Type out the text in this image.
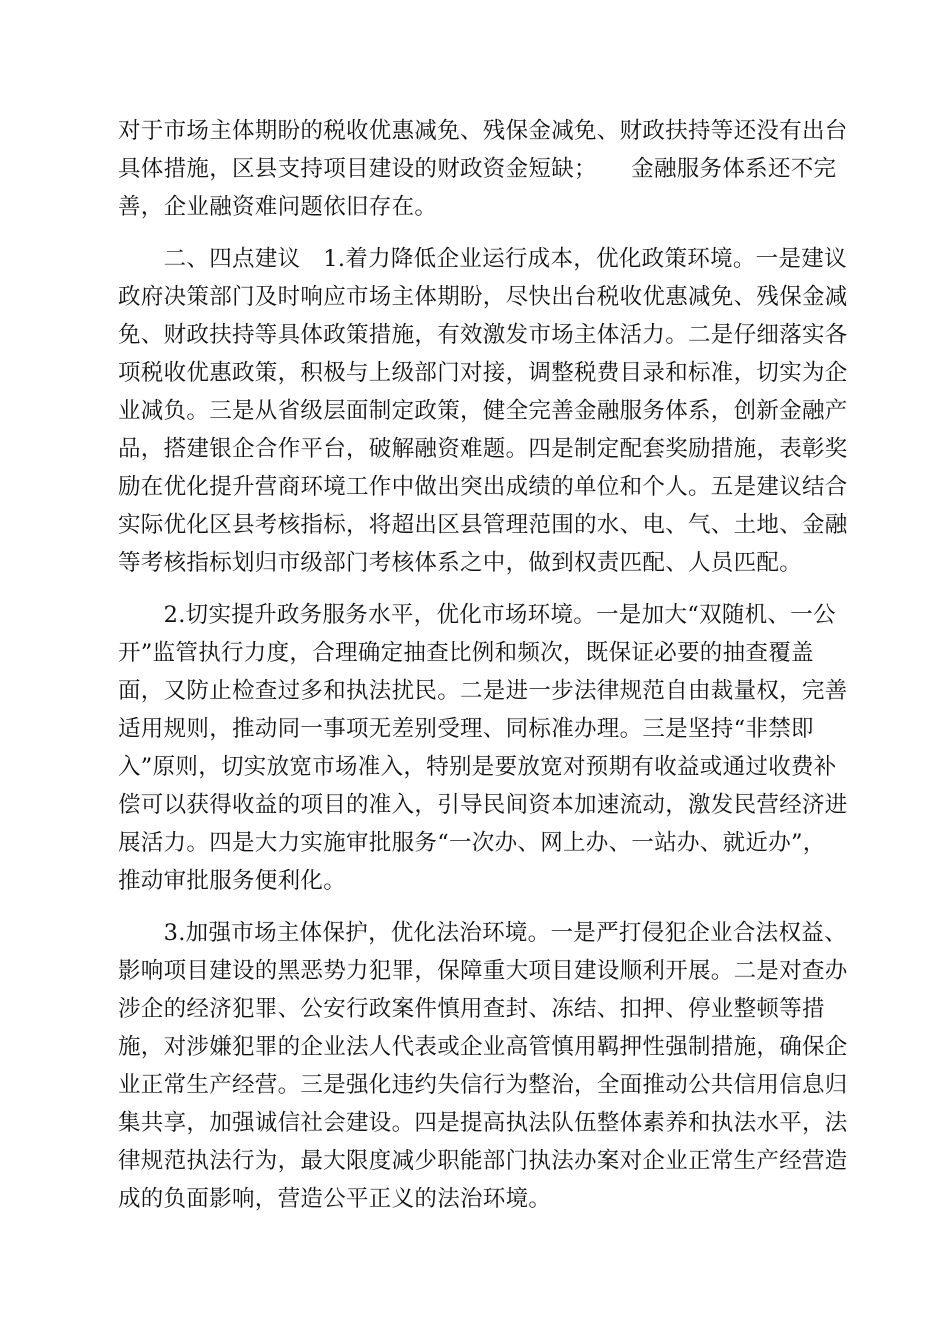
对于市场主体期盼的税收优惠减免、残保金减免、财政扶持等还没有出台
具体措施，区县支持项目建设的财政资金短缺；　　金融服务体系还不完
善，企业融资难问题依旧存在。
　　二、四点建议　1.着力降低企业运行成本，优化政策环境。一是建议
政府决策部门及时响应市场主体期盼，尽快出台税收优惠减免、残保金减
免、财政扶持等具体政策措施，有效激发市场主体活力。二是仔细落实各
项税收优惠政策，积极与上级部门对接，调整税费目录和标准，切实为企
业减负。三是从省级层面制定政策，健全完善金融服务体系，创新金融产
品，搭建银企合作平台，破解融资难题。四是制定配套奖励措施，表彰奖
励在优化提升营商环境工作中做出突出成绩的单位和个人。五是建议结合
实际优化区县考核指标，将超出区县管理范围的水、电、气、土地、金融
等考核指标划归市级部门考核体系之中，做到权责匹配、人员匹配。
　　2.切实提升政务服务水平，优化市场环境。一是加大“双随机、一公
开”监管执行力度，合理确定抽查比例和频次，既保证必要的抽查覆盖
面，又防止检查过多和执法扰民。二是进一步法律规范自由裁量权，完善
适用规则，推动同一事项无差别受理、同标准办理。三是坚持“非禁即
入”原则，切实放宽市场准入，特别是要放宽对预期有收益或通过收费补
偿可以获得收益的项目的准入，引导民间资本加速流动，激发民营经济进
展活力。四是大力实施审批服务“一次办、网上办、一站办、就近办”，
推动审批服务便利化。
　　3.加强市场主体保护，优化法治环境。一是严打侵犯企业合法权益、
影响项目建设的黑恶势力犯罪，保障重大项目建设顺利开展。二是对查办
涉企的经济犯罪、公安行政案件慎用查封、冻结、扣押、停业整顿等措
施，对涉嫌犯罪的企业法人代表或企业高管慎用羁押性强制措施，确保企
业正常生产经营。三是强化违约失信行为整治，全面推动公共信用信息归
集共享，加强诚信社会建设。四是提高执法队伍整体素养和执法水平，法
律规范执法行为，最大限度减少职能部门执法办案对企业正常生产经营造
成的负面影响，营造公平正义的法治环境。
